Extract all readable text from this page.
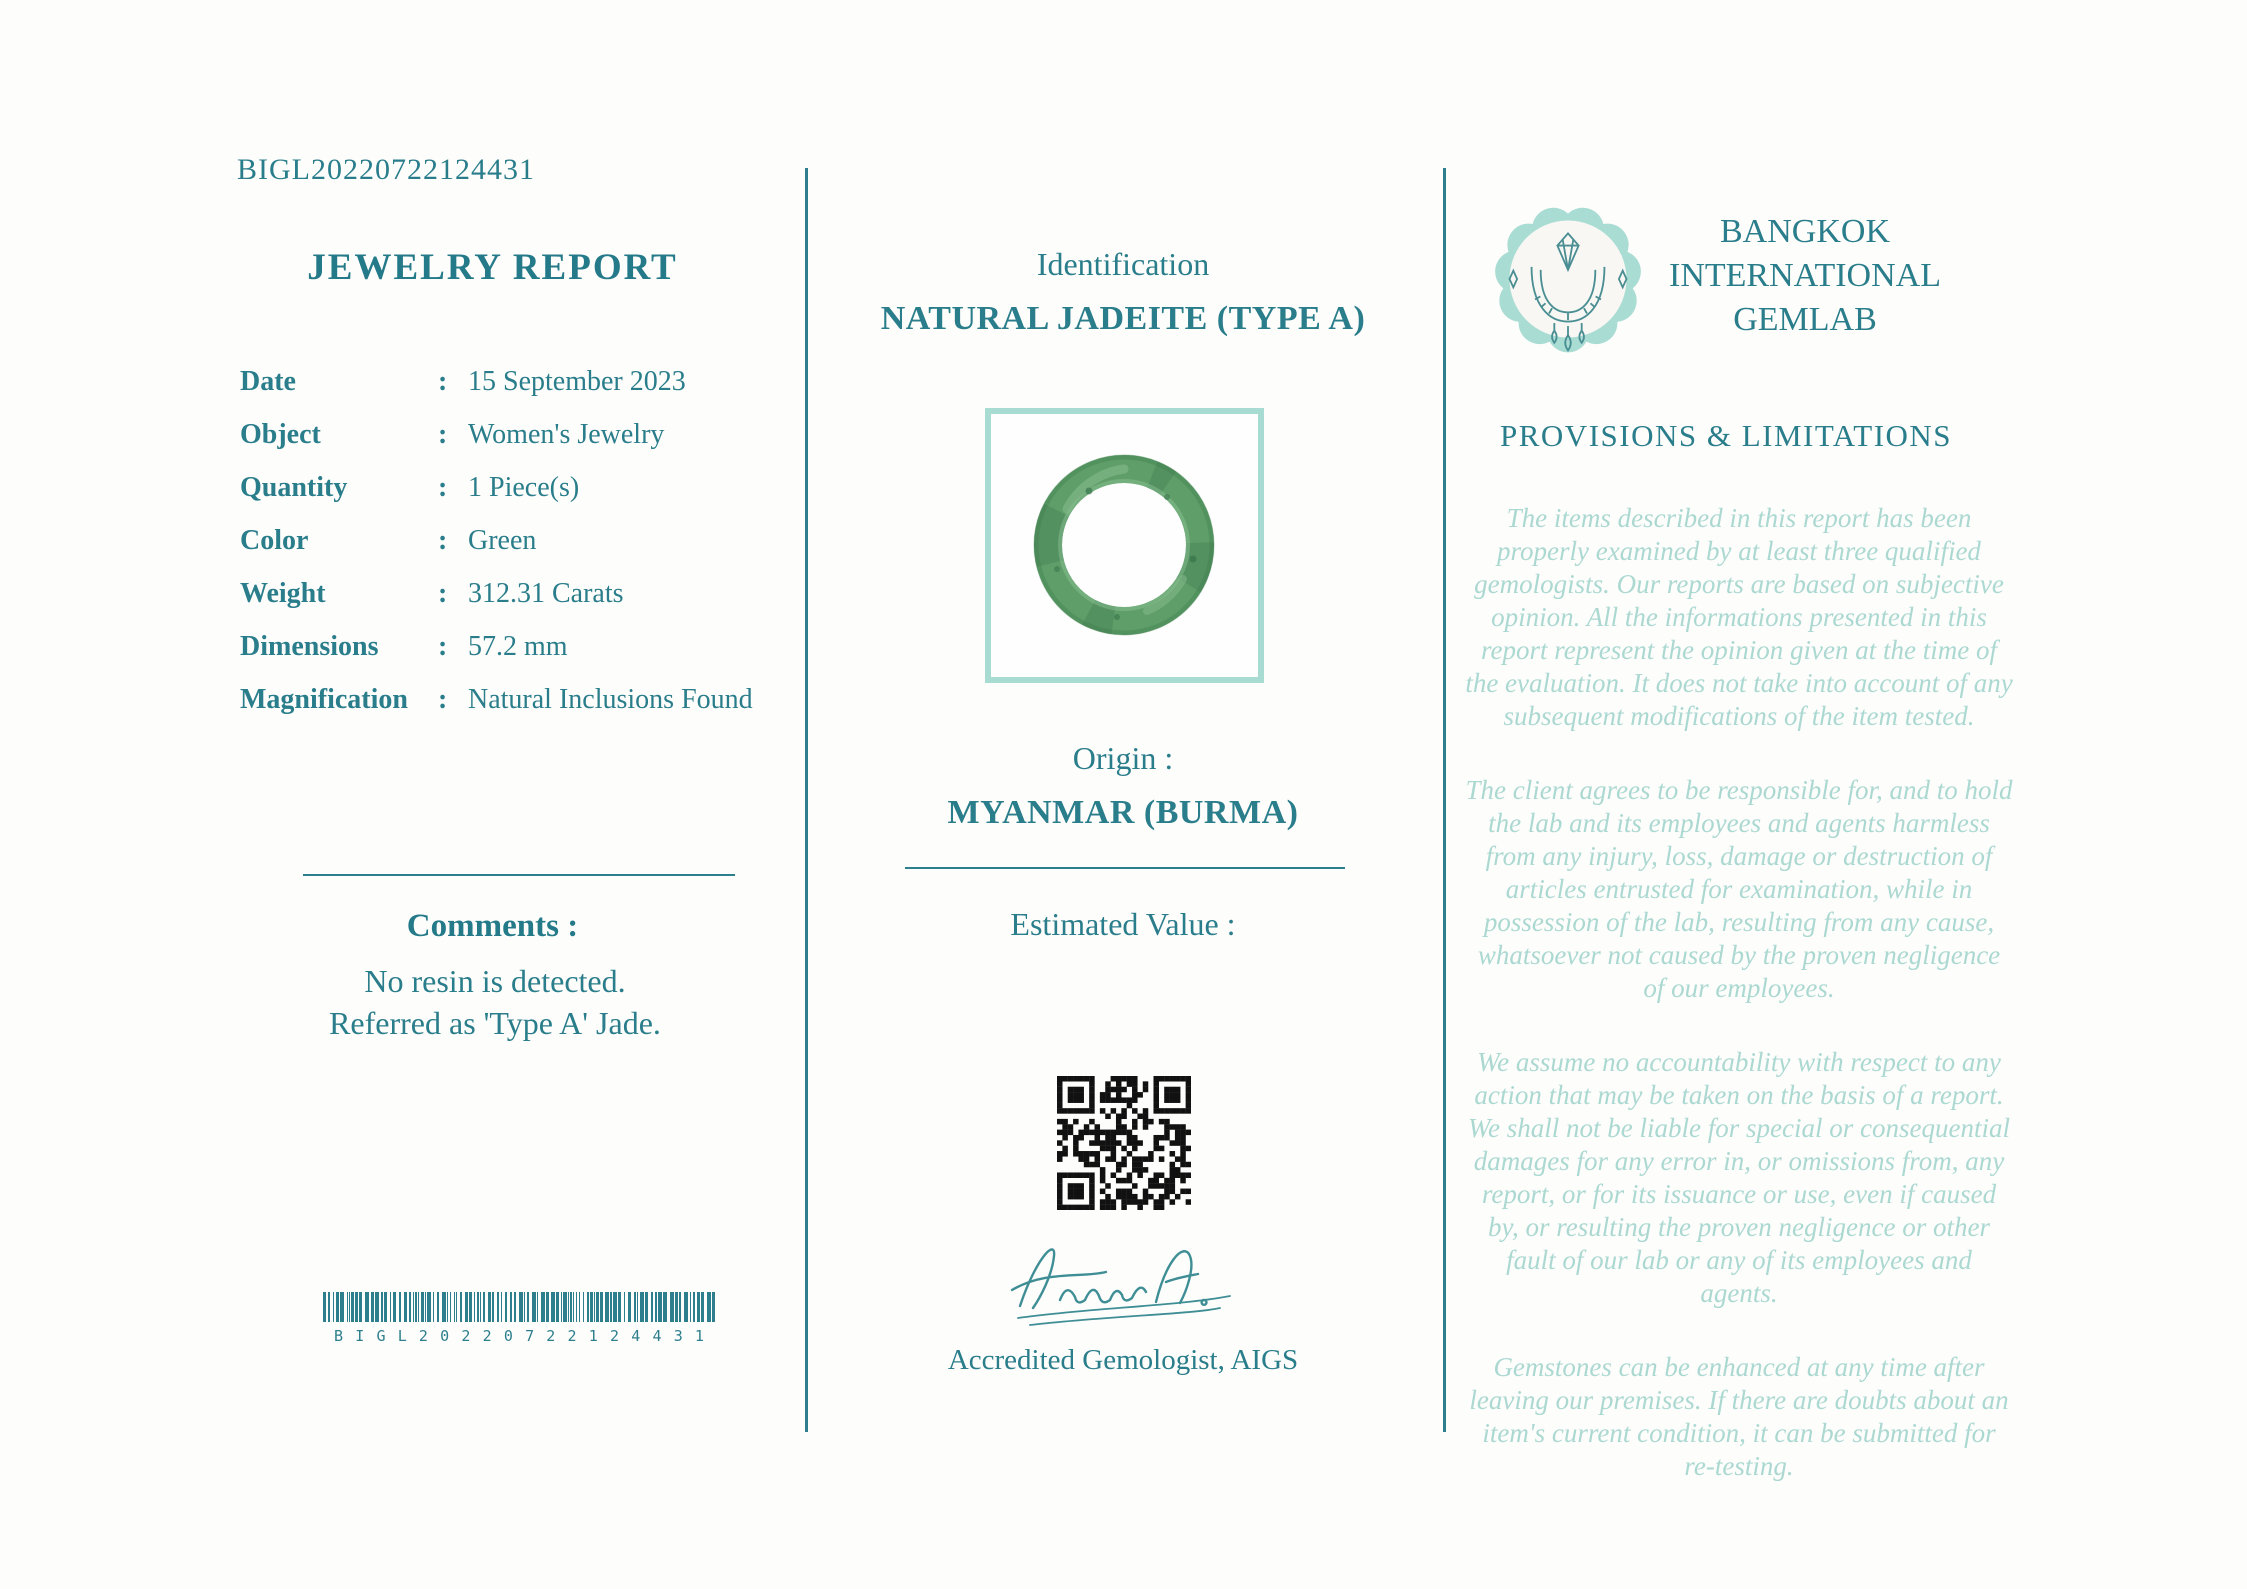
BIGL20220722124431
JEWELRY REPORT
Date	: 15 September 2023
Object	: Women's Jewelry
Quantity	: 1 Piece(s)
Color	: Green
Weight	: 312.31 Carats
Dimensions	: 57.2 mm
Magnification	: Natural Inclusions Found
Comments :
No resin is detected.
Referred as 'Type A' Jade.
BIGL20220722124431
Identification
NATURAL JADEITE (TYPE A)
Origin :
MYANMAR (BURMA)
Estimated Value :
Accredited Gemologist, AIGS
BANGKOK INTERNATIONAL GEMLAB
PROVISIONS & LIMITATIONS

The items described in this report has been properly examined by at least three qualified gemologists. Our reports are based on subjective opinion. All the informations presented in this report represent the opinion given at the time of the evaluation. It does not take into account of any subsequent modifications of the item tested.

The client agrees to be responsible for, and to hold the lab and its employees and agents harmless from any injury, loss, damage or destruction of articles entrusted for examination, while in possession of the lab, resulting from any cause, whatsoever not caused by the proven negligence of our employees.

We assume no accountability with respect to any action that may be taken on the basis of a report. We shall not be liable for special or consequential damages for any error in, or omissions from, any report, or for its issuance or use, even if caused by, or resulting the proven negligence or other fault of our lab or any of its employees and agents.

Gemstones can be enhanced at any time after leaving our premises. If there are doubts about an item's current condition, it can be submitted for re-testing.
